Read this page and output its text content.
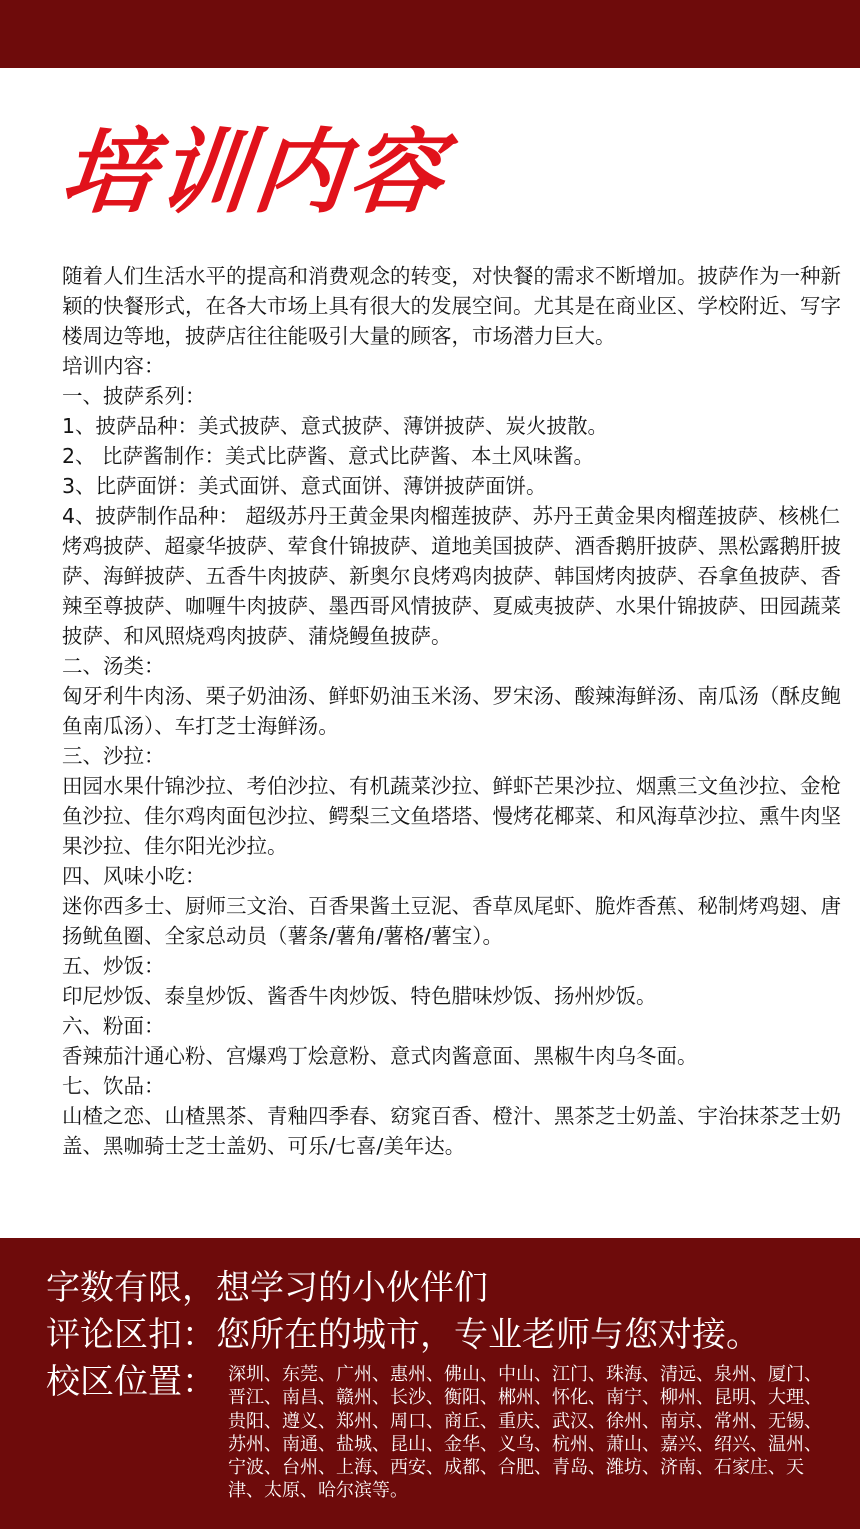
培训内容

随着人们生活水平的提高和消费观念的转变，对快餐的需求不断增加。披萨作为一种新颖的快餐形式，在各大市场上具有很大的发展空间。尤其是在商业区、学校附近、写字楼周边等地，披萨店往往能吸引大量的顾客，市场潜力巨大。

培训内容：

一、披萨系列：

1、披萨品种：美式披萨、意式披萨、薄饼披萨、炭火披散。

2、 比萨酱制作：美式比萨酱、意式比萨酱、本土风味酱。

3、比萨面饼：美式面饼、意式面饼、薄饼披萨面饼。

4、披萨制作品种： 超级苏丹王黄金果肉榴莲披萨、苏丹王黄金果肉榴莲披萨、核桃仁烤鸡披萨、超豪华披萨、荤食什锦披萨、道地美国披萨、酒香鹅肝披萨、黑松露鹅肝披萨、海鲜披萨、五香牛肉披萨、新奥尔良烤鸡肉披萨、韩国烤肉披萨、吞拿鱼披萨、香辣至尊披萨、咖喱牛肉披萨、墨西哥风情披萨、夏威夷披萨、水果什锦披萨、田园蔬菜披萨、和风照烧鸡肉披萨、蒲烧鳗鱼披萨。

二、汤类：

匈牙利牛肉汤、栗子奶油汤、鲜虾奶油玉米汤、罗宋汤、酸辣海鲜汤、南瓜汤（酥皮鲍鱼南瓜汤）、车打芝士海鲜汤。

三、沙拉：

田园水果什锦沙拉、考伯沙拉、有机蔬菜沙拉、鲜虾芒果沙拉、烟熏三文鱼沙拉、金枪鱼沙拉、佳尔鸡肉面包沙拉、鳄梨三文鱼塔塔、慢烤花椰菜、和风海草沙拉、熏牛肉坚果沙拉、佳尔阳光沙拉。

四、风味小吃：

迷你西多士、厨师三文治、百香果酱土豆泥、香草凤尾虾、脆炸香蕉、秘制烤鸡翅、唐扬鱿鱼圈、全家总动员（薯条/薯角/薯格/薯宝）。

五、炒饭：

印尼炒饭、泰皇炒饭、酱香牛肉炒饭、特色腊味炒饭、扬州炒饭。

六、粉面：

香辣茄汁通心粉、宫爆鸡丁烩意粉、意式肉酱意面、黑椒牛肉乌冬面。

七、饮品：

山楂之恋、山楂黑茶、青釉四季春、窈窕百香、橙汁、黑茶芝士奶盖、宇治抹茶芝士奶盖、黑咖骑士芝士盖奶、可乐/七喜/美年达。

字数有限，想学习的小伙伴们
评论区扣：您所在的城市，专业老师与您对接。
校区位置： 深圳、东莞、广州、惠州、佛山、中山、江门、珠海、清远、泉州、厦门、晋江、南昌、赣州、长沙、衡阳、郴州、怀化、南宁、柳州、昆明、大理、贵阳、遵义、郑州、周口、商丘、重庆、武汉、徐州、南京、常州、无锡、苏州、南通、盐城、昆山、金华、义乌、杭州、萧山、嘉兴、绍兴、温州、宁波、台州、上海、西安、成都、合肥、青岛、潍坊、济南、石家庄、天津、太原、哈尔滨等。
